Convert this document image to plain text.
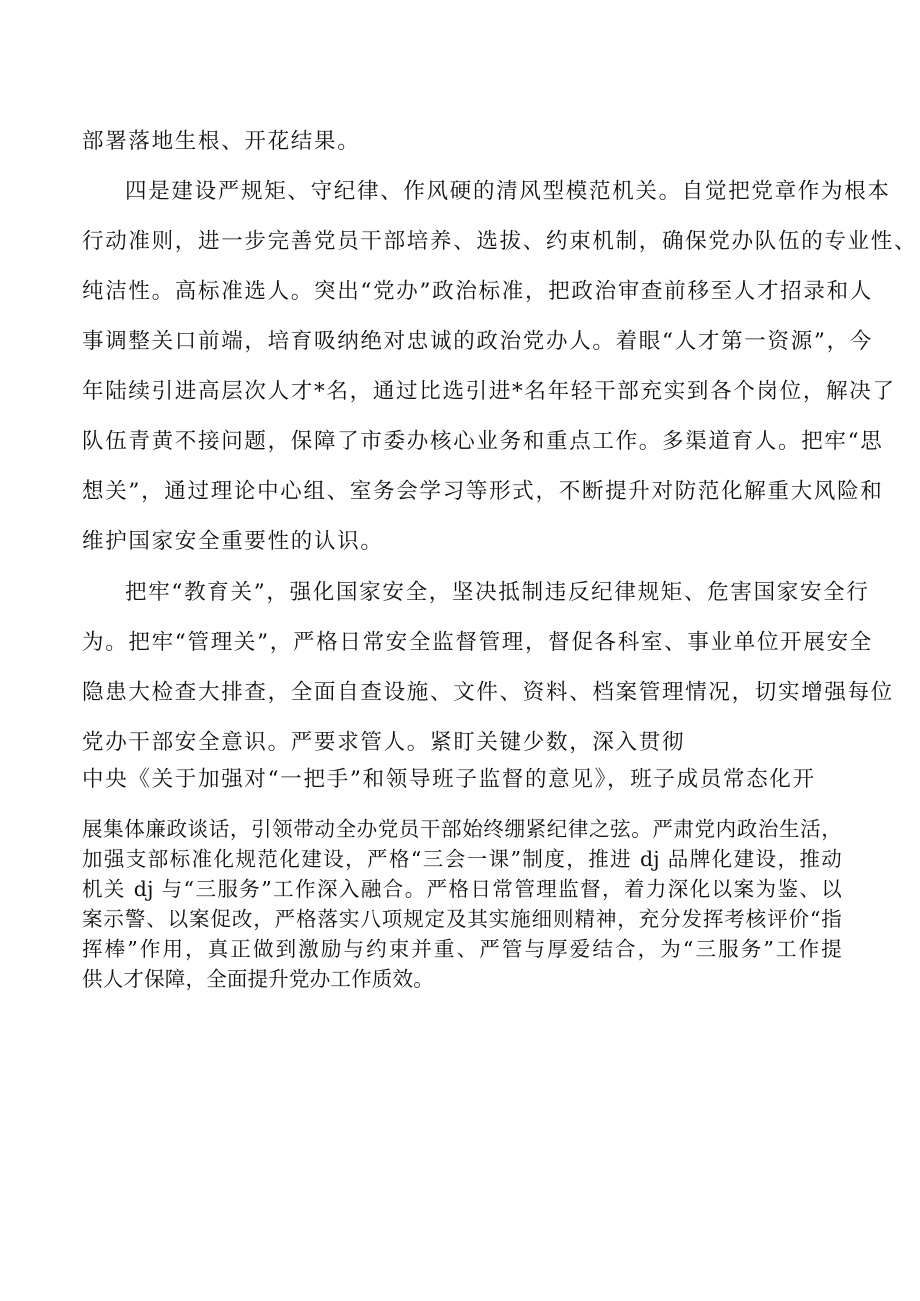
部署落地生根、开花结果。
四是建设严规矩、守纪律、作风硬的清风型模范机关。自觉把党章作为根本
行动准则，进一步完善党员干部培养、选拔、约束机制，确保党办队伍的专业性、
纯洁性。高标准选人。突出“党办”政治标准，把政治审查前移至人才招录和人
事调整关口前端，培育吸纳绝对忠诚的政治党办人。着眼“人才第一资源”，今
年陆续引进高层次人才*名，通过比选引进*名年轻干部充实到各个岗位，解决了
队伍青黄不接问题，保障了市委办核心业务和重点工作。多渠道育人。把牢“思
想关”，通过理论中心组、室务会学习等形式，不断提升对防范化解重大风险和
维护国家安全重要性的认识。
把牢“教育关”，强化国家安全，坚决抵制违反纪律规矩、危害国家安全行
为。把牢“管理关”，严格日常安全监督管理，督促各科室、事业单位开展安全
隐患大检查大排查，全面自查设施、文件、资料、档案管理情况，切实增强每位
党办干部安全意识。严要求管人。紧盯关键少数，深入贯彻
中央《关于加强对“一把手”和领导班子监督的意见》，班子成员常态化开
展集体廉政谈话，引领带动全办党员干部始终绷紧纪律之弦。严肃党内政治生活，
加强支部标准化规范化建设，严格“三会一课”制度，推进 dj 品牌化建设，推动
机关 dj 与“三服务”工作深入融合。严格日常管理监督，着力深化以案为鉴、以
案示警、以案促改，严格落实八项规定及其实施细则精神，充分发挥考核评价“指
挥棒”作用，真正做到激励与约束并重、严管与厚爱结合，为“三服务”工作提
供人才保障，全面提升党办工作质效。
